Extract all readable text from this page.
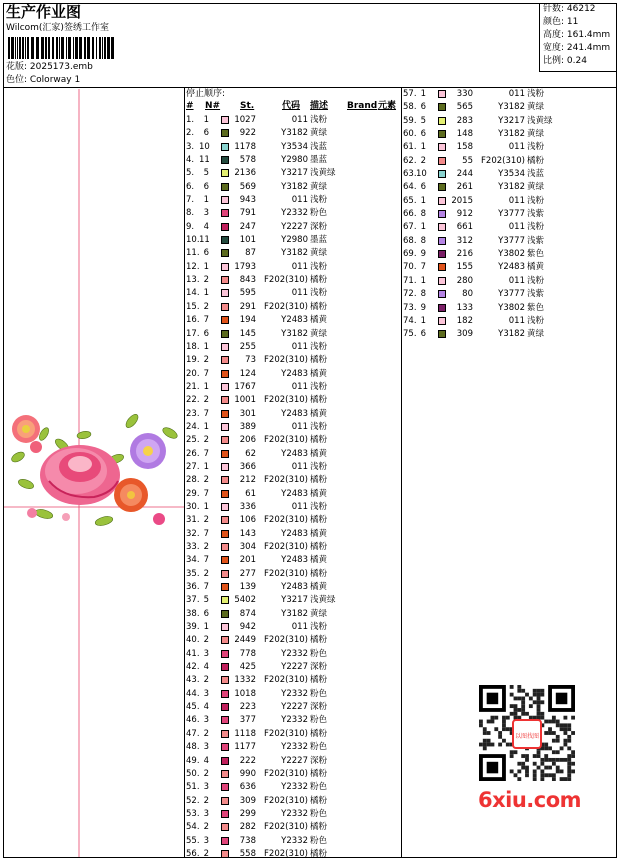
生产作业图
Wilcom(汇家)签绣工作室
花版: 2025173.emb
色位: Colorway 1
针数: 46212
颜色: 11
高度: 161.4mm
宽度: 241.4mm
比例: 0.24
停止顺序:
# N# St.	代码 描述 Brand 元素
1.	1	1027	011 浅粉
2.	6	922	Y3182 黄绿
3. 10	1178	Y3534 浅蓝
4. 11	578	Y2980 墨蓝
5.	5	2136	Y3217 浅黄绿
6.	6	569	Y3182 黄绿
7.	1	943	011 浅粉
8.	3	791	Y2332 粉色
9.	4	247	Y2227 深粉
10. 11	101	Y2980 墨蓝
11. 6	87	Y3182 黄绿
12. 1	1793	011 浅粉
13. 2	843 F202(310) 橘粉
14. 1	595	011 浅粉
15. 2	291 F202(310) 橘粉
16. 7	194	Y2483 橘黄
17. 6	145	Y3182 黄绿
18. 1	255	011 浅粉
19. 2	73 F202(310) 橘粉
20. 7	124	Y2483 橘黄
21. 1	1767	011 浅粉
22. 2	1001 F202(310) 橘粉
23. 7	301	Y2483 橘黄
24. 1	389	011 浅粉
25. 2	206 F202(310) 橘粉
26. 7	62	Y2483 橘黄
27. 1	366	011 浅粉
28. 2	212 F202(310) 橘粉
29. 7	61	Y2483 橘黄
30. 1	336	011 浅粉
31. 2	106 F202(310) 橘粉
32. 7	143	Y2483 橘黄
33. 2	304 F202(310) 橘粉
34. 7	201	Y2483 橘黄
35. 2	277 F202(310) 橘粉
36. 7	139	Y2483 橘黄
37. 5	5402	Y3217 浅黄绿
38. 6	874	Y3182 黄绿
39. 1	942	011 浅粉
40. 2	2449 F202(310) 橘粉
41. 3	778	Y2332 粉色
42. 4	425	Y2227 深粉
43. 2	1332 F202(310) 橘粉
44. 3	1018	Y2332 粉色
45. 4	223	Y2227 深粉
46. 3	377	Y2332 粉色
47. 2	1118 F202(310) 橘粉
48. 3	1177	Y2332 粉色
49. 4	222	Y2227 深粉
50. 2	990 F202(310) 橘粉
51. 3	636	Y2332 粉色
52. 2	309 F202(310) 橘粉
53. 3	299	Y2332 粉色
54. 2	282 F202(310) 橘粉
55. 3	738	Y2332 粉色
56. 2	558 F202(310) 橘粉
57. 1	330	011 浅粉
58. 6	565	Y3182 黄绿
59. 5	283	Y3217 浅黄绿
60. 6	148	Y3182 黄绿
61. 1	158	011 浅粉
62. 2	55 F202(310) 橘粉
63. 10	244	Y3534 浅蓝
64. 6	261	Y3182 黄绿
65. 1	2015	011 浅粉
66. 8	912	Y3777 浅紫
67. 1	661	011 浅粉
68. 8	312	Y3777 浅紫
69. 9	216	Y3802 紫色
70. 7	155	Y2483 橘黄
71. 1	280	011 浅粉
72. 8	80	Y3777 浅紫
73. 9	133	Y3802 紫色
74. 1	182	011 浅粉
75. 6	309	Y3182 黄绿
以图找图
6xiu.com
